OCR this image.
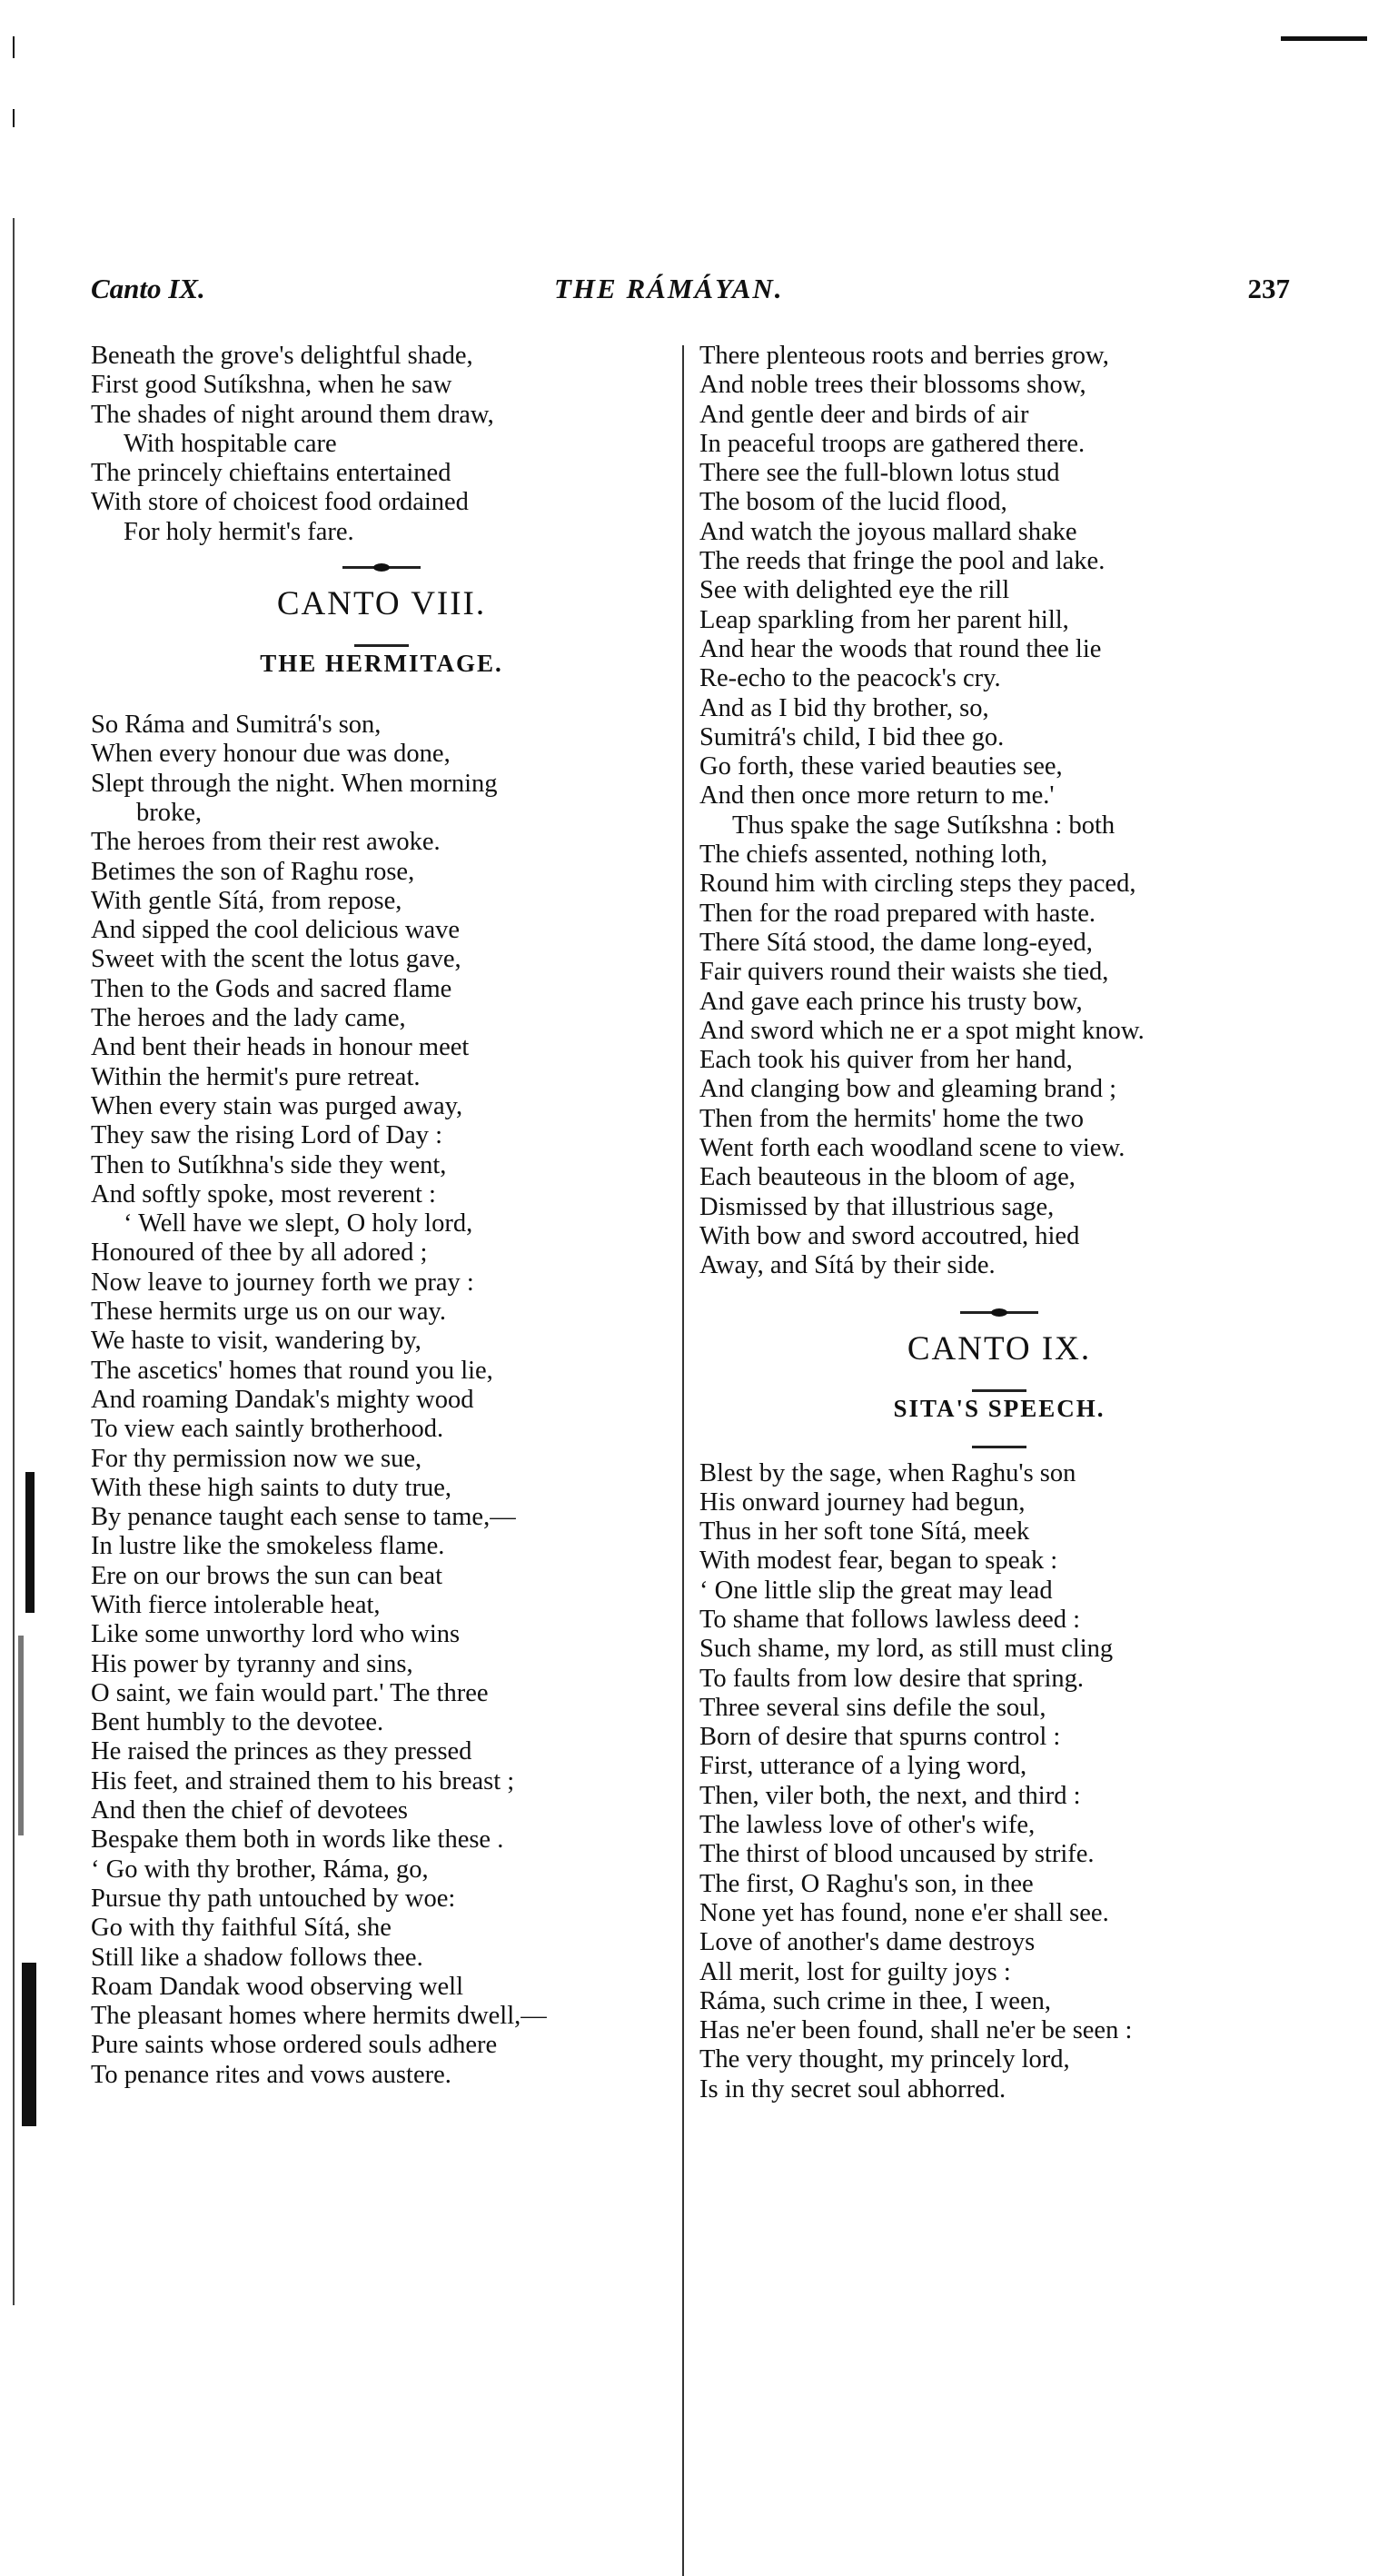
Canto IX.	THE RÁMÁYAN.	237
Beneath the grove's delightful shade,
First good Sutíkshna, when he saw
The shades of night around them draw,
With hospitable care
The princely chieftains entertained
With store of choicest food ordained
For holy hermit's fare.
CANTO VIII.
THE HERMITAGE.
So Ráma and Sumitrá's son,
When every honour due was done,
Slept through the night. When morning
broke,
The heroes from their rest awoke.
Betimes the son of Raghu rose,
With gentle Sítá, from repose,
And sipped the cool delicious wave
Sweet with the scent the lotus gave,
Then to the Gods and sacred flame
The heroes and the lady came,
And bent their heads in honour meet
Within the hermit's pure retreat.
When every stain was purged away,
They saw the rising Lord of Day :
Then to Sutíkhna's side they went,
And softly spoke, most reverent :
‘ Well have we slept, O holy lord,
Honoured of thee by all adored ;
Now leave to journey forth we pray :
These hermits urge us on our way.
We haste to visit, wandering by,
The ascetics' homes that round you lie,
And roaming Dandak's mighty wood
To view each saintly brotherhood.
For thy permission now we sue,
With these high saints to duty true,
By penance taught each sense to tame,—
In lustre like the smokeless flame.
Ere on our brows the sun can beat
With fierce intolerable heat,
Like some unworthy lord who wins
His power by tyranny and sins,
O saint, we fain would part.' The three
Bent humbly to the devotee.
He raised the princes as they pressed
His feet, and strained them to his breast ;
And then the chief of devotees
Bespake them both in words like these .
‘ Go with thy brother, Ráma, go,
Pursue thy path untouched by woe:
Go with thy faithful Sítá, she
Still like a shadow follows thee.
Roam Dandak wood observing well
The pleasant homes where hermits dwell,—
Pure saints whose ordered souls adhere
To penance rites and vows austere.
There plenteous roots and berries grow,
And noble trees their blossoms show,
And gentle deer and birds of air
In peaceful troops are gathered there.
There see the full-blown lotus stud
The bosom of the lucid flood,
And watch the joyous mallard shake
The reeds that fringe the pool and lake.
See with delighted eye the rill
Leap sparkling from her parent hill,
And hear the woods that round thee lie
Re-echo to the peacock's cry.
And as I bid thy brother, so,
Sumitrá's child, I bid thee go.
Go forth, these varied beauties see,
And then once more return to me.'
Thus spake the sage Sutíkshna : both
The chiefs assented, nothing loth,
Round him with circling steps they paced,
Then for the road prepared with haste.
There Sítá stood, the dame long-eyed,
Fair quivers round their waists she tied,
And gave each prince his trusty bow,
And sword which ne er a spot might know.
Each took his quiver from her hand,
And clanging bow and gleaming brand ;
Then from the hermits' home the two
Went forth each woodland scene to view.
Each beauteous in the bloom of age,
Dismissed by that illustrious sage,
With bow and sword accoutred, hied
Away, and Sítá by their side.
CANTO IX.
SITA'S SPEECH.
Blest by the sage, when Raghu's son
His onward journey had begun,
Thus in her soft tone Sítá, meek
With modest fear, began to speak :
‘ One little slip the great may lead
To shame that follows lawless deed :
Such shame, my lord, as still must cling
To faults from low desire that spring.
Three several sins defile the soul,
Born of desire that spurns control :
First, utterance of a lying word,
Then, viler both, the next, and third :
The lawless love of other's wife,
The thirst of blood uncaused by strife.
The first, O Raghu's son, in thee
None yet has found, none e'er shall see.
Love of another's dame destroys
All merit, lost for guilty joys :
Ráma, such crime in thee, I ween,
Has ne'er been found, shall ne'er be seen :
The very thought, my princely lord,
Is in thy secret soul abhorred.
